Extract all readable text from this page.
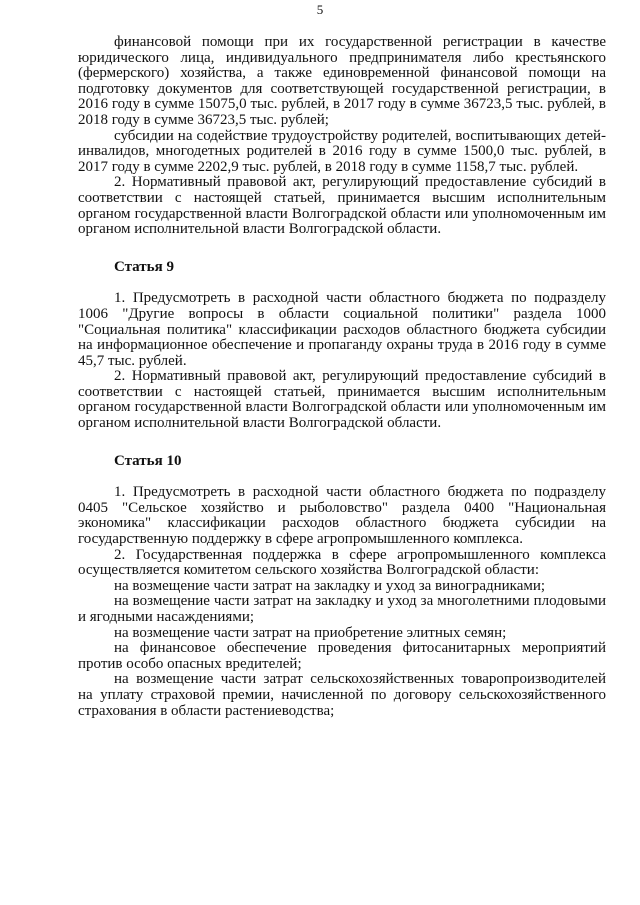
5

финансовой помощи при их государственной регистрации в качестве юридического лица, индивидуального предпринимателя либо крестьянского (фермерского) хозяйства, а также единовременной финансовой помощи на подготовку документов для соответствующей государственной регистрации, в 2016 году в сумме 15075,0 тыс. рублей, в 2017 году в сумме 36723,5 тыс. рублей, в 2018 году в сумме 36723,5 тыс. рублей;

субсидии на содействие трудоустройству родителей, воспитывающих детей-инвалидов, многодетных родителей в 2016 году в сумме 1500,0 тыс. рублей, в 2017 году в сумме 2202,9 тыс. рублей, в 2018 году в сумме 1158,7 тыс. рублей.

2. Нормативный правовой акт, регулирующий предоставление субсидий в соответствии с настоящей статьей, принимается высшим исполнительным органом государственной власти Волгоградской области или уполномоченным им органом исполнительной власти Волгоградской области.

Статья 9

1. Предусмотреть в расходной части областного бюджета по подразделу 1006 "Другие вопросы в области социальной политики" раздела 1000 "Социальная политика" классификации расходов областного бюджета субсидии на информационное обеспечение и пропаганду охраны труда в 2016 году в сумме 45,7 тыс. рублей.

2. Нормативный правовой акт, регулирующий предоставление субсидий в соответствии с настоящей статьей, принимается высшим исполнительным органом государственной власти Волгоградской области или уполномоченным им органом исполнительной власти Волгоградской области.

Статья 10

1. Предусмотреть в расходной части областного бюджета по подразделу 0405 "Сельское хозяйство и рыболовство" раздела 0400 "Национальная экономика" классификации расходов областного бюджета субсидии на государственную поддержку в сфере агропромышленного комплекса.

2. Государственная поддержка в сфере агропромышленного комплекса осуществляется комитетом сельского хозяйства Волгоградской области:

на возмещение части затрат на закладку и уход за виноградниками;

на возмещение части затрат на закладку и уход за многолетними плодовыми и ягодными насаждениями;

на возмещение части затрат на приобретение элитных семян;

на финансовое обеспечение проведения фитосанитарных мероприятий против особо опасных вредителей;

на возмещение части затрат сельскохозяйственных товаропроизводителей на уплату страховой премии, начисленной по договору сельскохозяйственного страхования в области растениеводства;
